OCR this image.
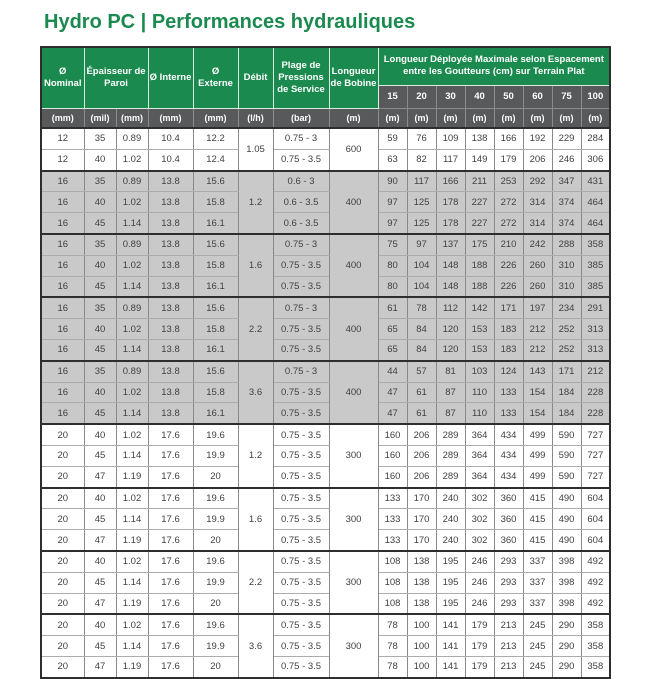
Hydro PC | Performances hydrauliques
Ø Nominal	Épaisseur de Paroi		Ø Interne	Ø Externe	Débit	Plage de Pressions de Service	Longueur de Bobine	Longueur Déployée Maximale selon Espacement entre les Goutteurs (cm) sur Terrain Plat							
								15	20	30	40	50	60	75	100
(mm)	(mil)	(mm)	(mm)	(mm)	(l/h)	(bar)	(m)	(m)	(m)	(m)	(m)	(m)	(m)	(m)	(m)
12	35	0.89	10.4	12.2	1.05	0.75 - 3	600	59	76	109	138	166	192	229	284
12	40	1.02	10.4	12.4		0.75 - 3.5		63	82	117	149	179	206	246	306
16	35	0.89	13.8	15.6	1.2	0.6 - 3	400	90	117	166	211	253	292	347	431
16	40	1.02	13.8	15.8		0.6 - 3.5		97	125	178	227	272	314	374	464
16	45	1.14	13.8	16.1		0.6 - 3.5		97	125	178	227	272	314	374	464
16	35	0.89	13.8	15.6	1.6	0.75 - 3	400	75	97	137	175	210	242	288	358
16	40	1.02	13.8	15.8		0.75 - 3.5		80	104	148	188	226	260	310	385
16	45	1.14	13.8	16.1		0.75 - 3.5		80	104	148	188	226	260	310	385
16	35	0.89	13.8	15.6	2.2	0.75 - 3	400	61	78	112	142	171	197	234	291
16	40	1.02	13.8	15.8		0.75 - 3.5		65	84	120	153	183	212	252	313
16	45	1.14	13.8	16.1		0.75 - 3.5		65	84	120	153	183	212	252	313
16	35	0.89	13.8	15.6	3.6	0.75 - 3	400	44	57	81	103	124	143	171	212
16	40	1.02	13.8	15.8		0.75 - 3.5		47	61	87	110	133	154	184	228
16	45	1.14	13.8	16.1		0.75 - 3.5		47	61	87	110	133	154	184	228
20	40	1.02	17.6	19.6	1.2	0.75 - 3.5	300	160	206	289	364	434	499	590	727
20	45	1.14	17.6	19.9		0.75 - 3.5		160	206	289	364	434	499	590	727
20	47	1.19	17.6	20		0.75 - 3.5		160	206	289	364	434	499	590	727
20	40	1.02	17.6	19.6	1.6	0.75 - 3.5	300	133	170	240	302	360	415	490	604
20	45	1.14	17.6	19.9		0.75 - 3.5		133	170	240	302	360	415	490	604
20	47	1.19	17.6	20		0.75 - 3.5		133	170	240	302	360	415	490	604
20	40	1.02	17.6	19.6	2.2	0.75 - 3.5	300	108	138	195	246	293	337	398	492
20	45	1.14	17.6	19.9		0.75 - 3.5		108	138	195	246	293	337	398	492
20	47	1.19	17.6	20		0.75 - 3.5		108	138	195	246	293	337	398	492
20	40	1.02	17.6	19.6	3.6	0.75 - 3.5	300	78	100	141	179	213	245	290	358
20	45	1.14	17.6	19.9		0.75 - 3.5		78	100	141	179	213	245	290	358
20	47	1.19	17.6	20		0.75 - 3.5		78	100	141	179	213	245	290	358
